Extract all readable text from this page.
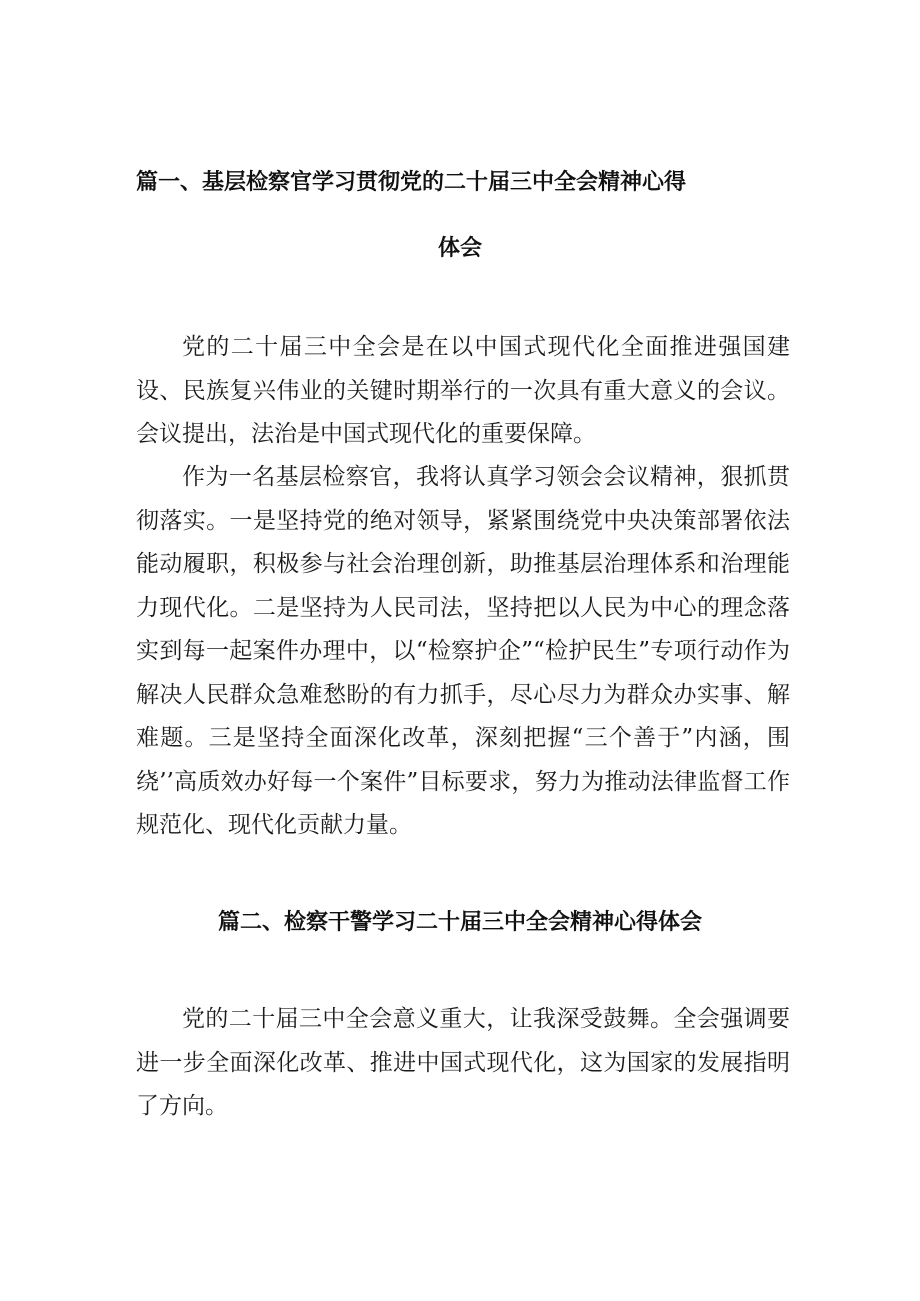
篇一、基层检察官学习贯彻党的二十届三中全会精神心得
体会

党的二十届三中全会是在以中国式现代化全面推进强国建设、民族复兴伟业的关键时期举行的一次具有重大意义的会议。会议提出，法治是中国式现代化的重要保障。

作为一名基层检察官，我将认真学习领会会议精神，狠抓贯彻落实。一是坚持党的绝对领导，紧紧围绕党中央决策部署依法能动履职，积极参与社会治理创新，助推基层治理体系和治理能力现代化。二是坚持为人民司法，坚持把以人民为中心的理念落实到每一起案件办理中，以“检察护企”“检护民生”专项行动作为解决人民群众急难愁盼的有力抓手，尽心尽力为群众办实事、解难题。三是坚持全面深化改革，深刻把握“三个善于”内涵，围绕’’高质效办好每一个案件”目标要求，努力为推动法律监督工作规范化、现代化贡献力量。

篇二、检察干警学习二十届三中全会精神心得体会

党的二十届三中全会意义重大，让我深受鼓舞。全会强调要进一步全面深化改革、推进中国式现代化，这为国家的发展指明了方向。
